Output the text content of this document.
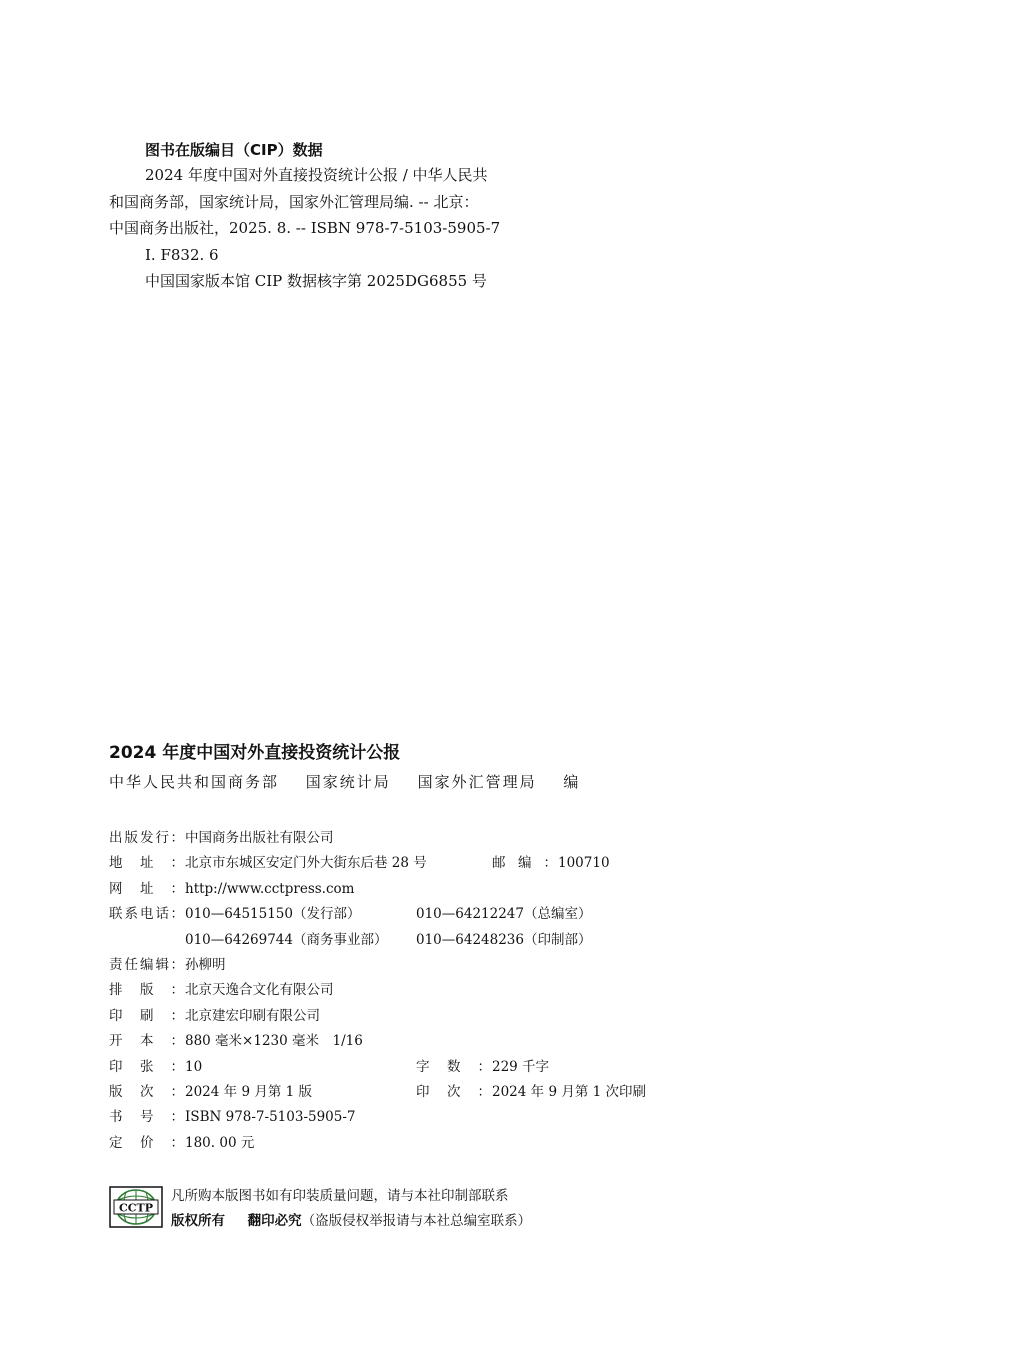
图书在版编目（CIP）数据
2024 年度中国对外直接投资统计公报 / 中华人民共
和国商务部，国家统计局，国家外汇管理局编. -- 北京：
中国商务出版社，2025. 8. -- ISBN 978-7-5103-5905-7
Ⅰ. F832. 6
中国国家版本馆 CIP 数据核字第 2025DG6855 号
2024 年度中国对外直接投资统计公报
中华人民共和国商务部 国家统计局 国家外汇管理局 编
出 版 发 行 ： 中国商务出版社有限公司
地 址 ： 北京市东城区安定门外大街东后巷 28 号	邮 编 ： 100710
网 址 ： http://www.cctpress.com
联 系 电 话 ： 010—64515150（发行部）	010—64212247（总编室）
010—64269744（商务事业部） 010—64248236（印制部）
责 任 编 辑 ： 孙柳明
排 版 ： 北京天逸合文化有限公司
印 刷 ： 北京建宏印刷有限公司
开 本 ： 880 毫米×1230 毫米　1/16
印 张 ： 10	字 数 ： 229 千字
版 次 ： 2024 年 9 月第 1 版	印 次 ： 2024 年 9 月第 1 次印刷
书 号 ： ISBN 978-7-5103-5905-7
定 价 ： 180. 00 元
CCTP
凡所购本版图书如有印装质量问题，请与本社印制部联系
版权所有 翻印必究（盗版侵权举报请与本社总编室联系）
